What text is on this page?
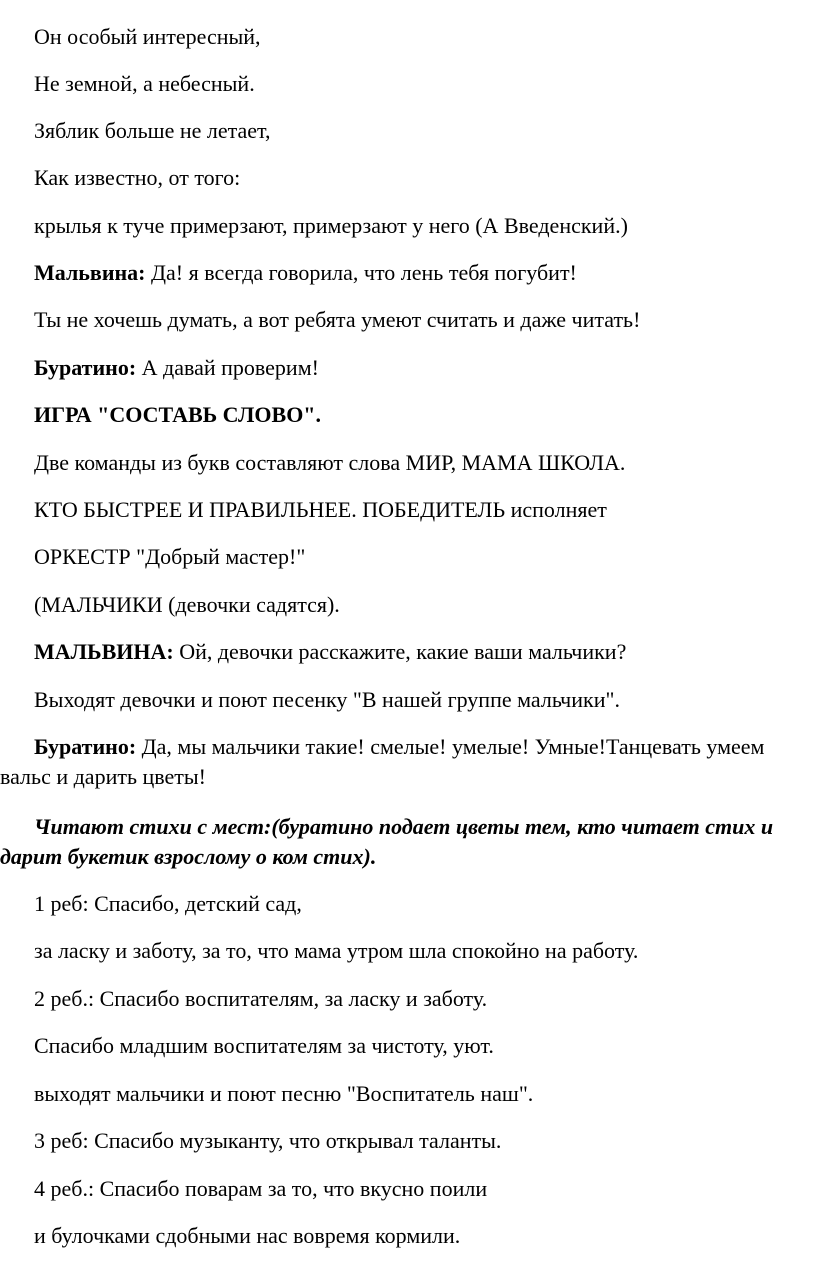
Он особый интересный,
Не земной, а небесный.
Зяблик больше не летает,
Как известно, от того:
крылья к туче примерзают, примерзают у него (А Введенский.)
Мальвина: Да! я всегда говорила, что лень тебя погубит!
Ты не хочешь думать, а вот ребята умеют считать и даже читать!
Буратино: А давай проверим!
ИГРА "СОСТАВЬ СЛОВО".
Две команды из букв составляют слова МИР, МАМА ШКОЛА.
КТО БЫСТРЕЕ И ПРАВИЛЬНЕЕ. ПОБЕДИТЕЛЬ исполняет
ОРКЕСТР "Добрый мастер!"
(МАЛЬЧИКИ (девочки садятся).
МАЛЬВИНА: Ой, девочки расскажите, какие ваши мальчики?
Выходят девочки и поют песенку "В нашей группе мальчики".
Буратино: Да, мы мальчики такие! смелые! умелые! Умные!Танцевать умеем вальс и дарить цветы!
Читают стихи с мест:(буратино подает цветы тем, кто читает стих и дарит букетик взрослому о ком стих).
1 реб: Спасибо, детский сад,
за ласку и заботу, за то, что мама утром шла спокойно на работу.
2 реб.: Спасибо воспитателям, за ласку и заботу.
Спасибо младшим воспитателям за чистоту, уют.
выходят мальчики и поют песню "Воспитатель наш".
3 реб: Спасибо музыканту, что открывал таланты.
4 реб.: Спасибо поварам за то, что вкусно поили
и булочками сдобными нас вовремя кормили.
